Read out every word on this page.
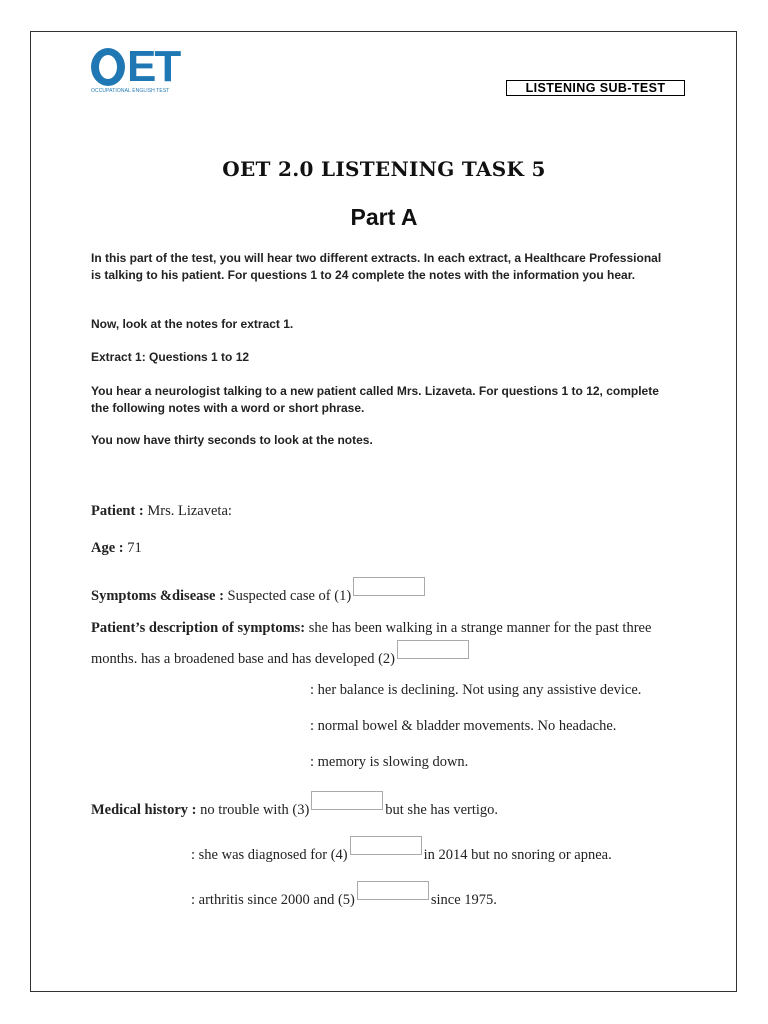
ET
OCCUPATIONAL ENGLISH TEST	LISTENING SUB-TEST
OET 2.0 LISTENING TASK 5
Part A

In this part of the test, you will hear two different extracts. In each extract, a Healthcare Professional is talking to his patient. For questions 1 to 24 complete the notes with the information you hear.

Now, look at the notes for extract 1.

Extract 1: Questions 1 to 12

You hear a neurologist talking to a new patient called Mrs. Lizaveta. For questions 1 to 12, complete the following notes with a word or short phrase.

You now have thirty seconds to look at the notes.

Patient : Mrs. Lizaveta:
Age : 71
Symptoms &disease : Suspected case of (1)
Patient’s description of symptoms: she has been walking in a strange manner for the past three
months. has a broadened base and has developed (2)
: her balance is declining. Not using any assistive device.
: normal bowel & bladder movements. No headache.
: memory is slowing down.
Medical history : no trouble with (3)	but she has vertigo.
: she was diagnosed for (4)	in 2014 but no snoring or apnea.
: arthritis since 2000 and (5)	since 1975.
